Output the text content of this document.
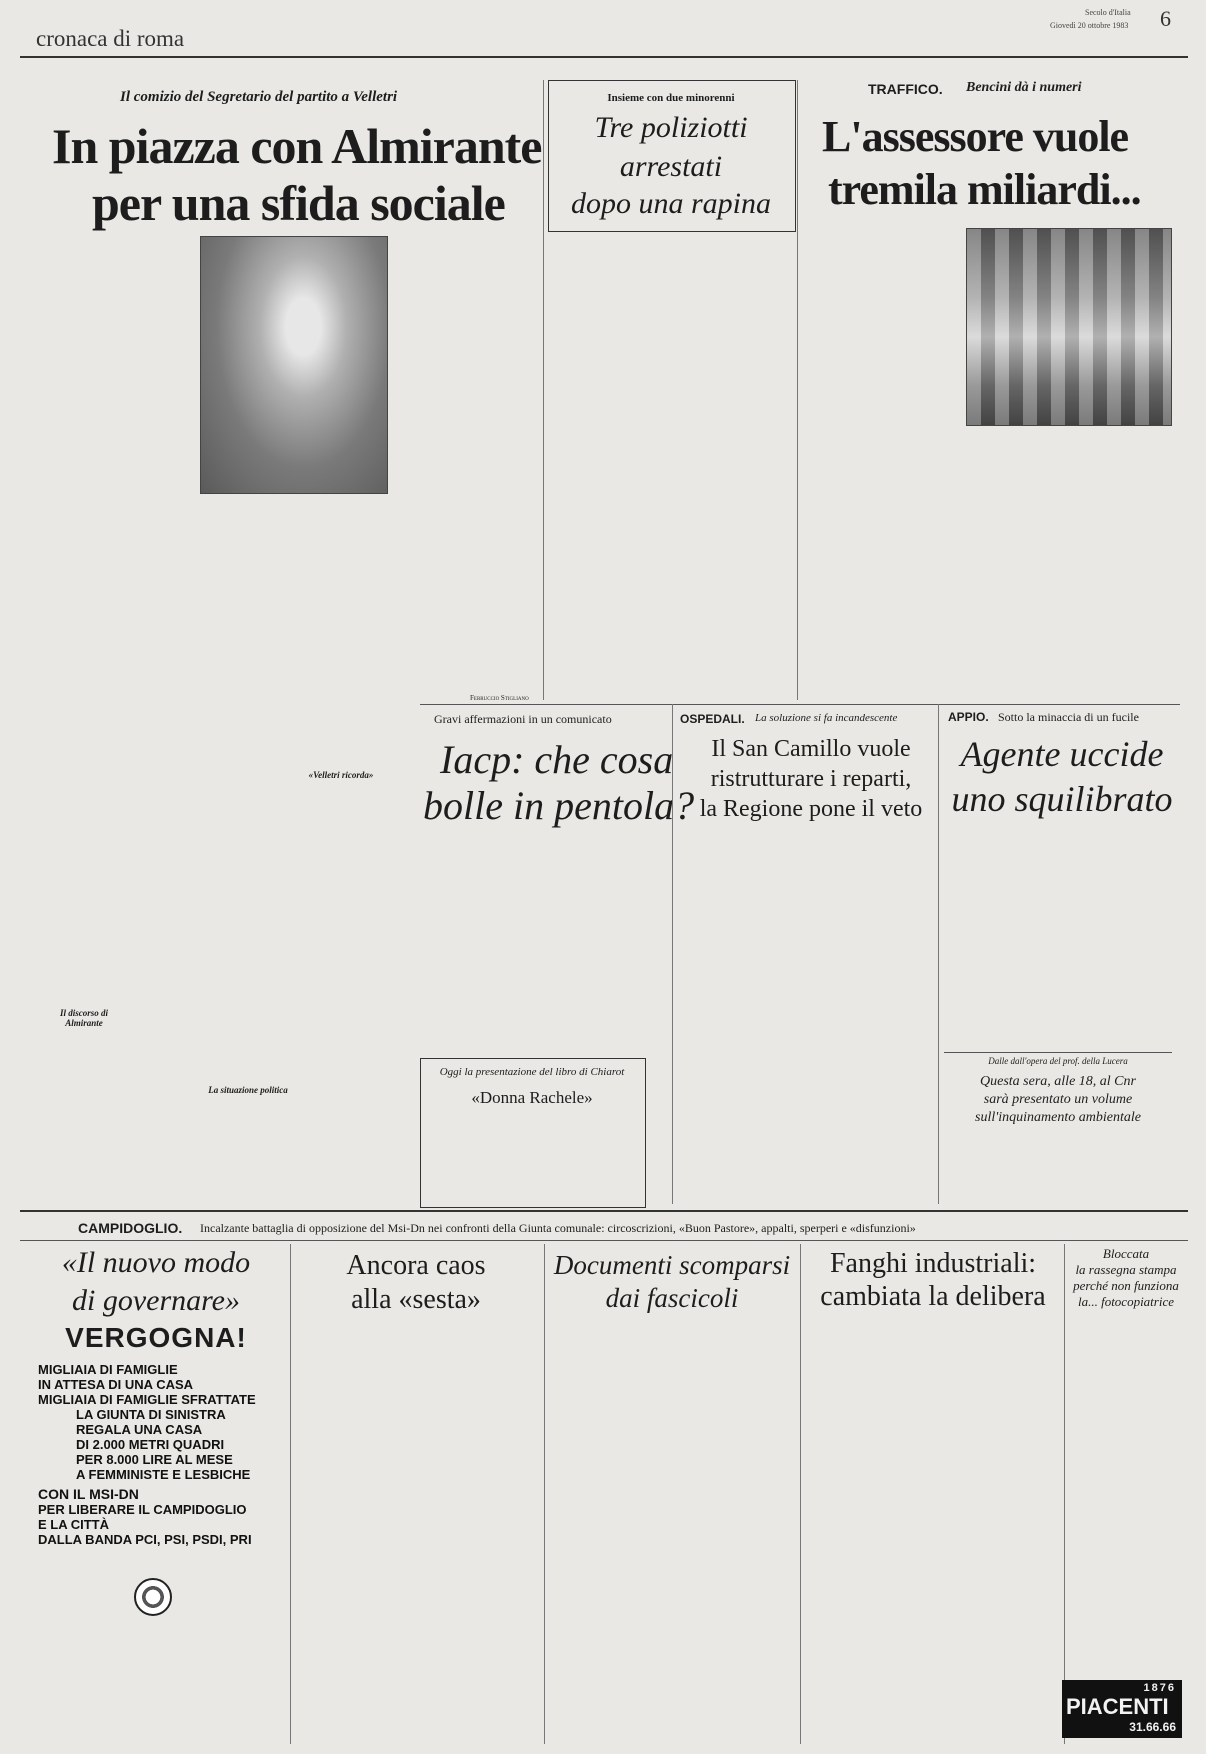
cronaca di roma
Secolo d'Italia
Giovedì 20 ottobre 1983 6
Il comizio del Segretario del partito a Velletri
In piazza con Almirante
per una sfida sociale
Il discorso di Almirante
La situazione politica
«Velletri ricorda»
Insieme con due minorenni
Tre poliziotti
arrestati
dopo una rapina
Ferruccio Stigliano
TRAFFICO. Bencini dà i numeri
L'assessore vuole
tremila miliardi...
Gravi affermazioni in un comunicato
Iacp: che cosa
bolle in pentola?
Oggi la presentazione del libro di Chiarot
«Donna Rachele»
OSPEDALI. La soluzione si fa incandescente
Il San Camillo vuole
ristrutturare i reparti,
la Regione pone il veto
APPIO. Sotto la minaccia di un fucile
Agente uccide
uno squilibrato
Dalle dall'opera del prof. della Lucera
Questa sera, alle 18, al Cnr
sarà presentato un volume
sull'inquinamento ambientale
CAMPIDOGLIO. Incalzante battaglia di opposizione del Msi-Dn nei confronti della Giunta comunale: circoscrizioni, «Buon Pastore», appalti, sperperi e «disfunzioni»
«Il nuovo modo
di governare»
VERGOGNA!
MIGLIAIA DI FAMIGLIE
IN ATTESA DI UNA CASA
MIGLIAIA DI FAMIGLIE SFRATTATE
LA GIUNTA DI SINISTRA
REGALA UNA CASA
DI 2.000 METRI QUADRI
PER 8.000 LIRE AL MESE
A FEMMINISTE E LESBICHE
CON IL MSI-DN
PER LIBERARE IL CAMPIDOGLIO
E LA CITTÀ
DALLA BANDA PCI, PSI, PSDI, PRI
Ancora caos
alla «sesta»
Documenti scomparsi
dai fascicoli
Fanghi industriali:
cambiata la delibera
Bloccata
la rassegna stampa
perché non funziona
la... fotocopiatrice
1876
PIACENTI
31.66.66
